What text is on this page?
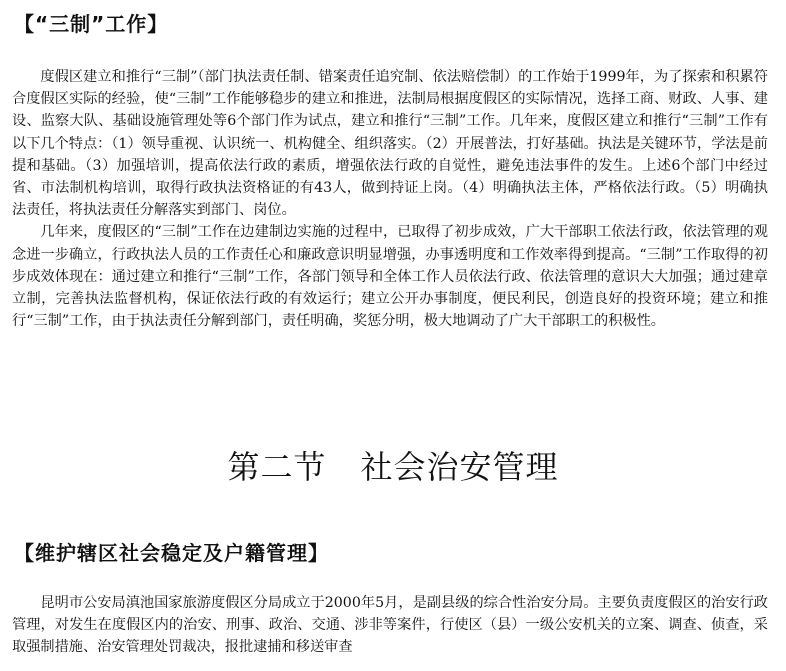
【“三制”工作】

度假区建立和推行“三制”（部门执法责任制、错案责任追究制、依法赔偿制）的工作始于1999年，为了探索和积累符合度假区实际的经验，使“三制”工作能够稳步的建立和推进，法制局根据度假区的实际情况，选择工商、财政、人事、建设、监察大队、基础设施管理处等6个部门作为试点，建立和推行“三制”工作。几年来，度假区建立和推行“三制”工作有以下几个特点：（1）领导重视、认识统一、机构健全、组织落实。（2）开展普法，打好基础。执法是关键环节，学法是前提和基础。（3）加强培训，提高依法行政的素质，增强依法行政的自觉性，避免违法事件的发生。上述6个部门中经过省、市法制机构培训，取得行政执法资格证的有43人，做到持证上岗。（4）明确执法主体，严格依法行政。（5）明确执法责任，将执法责任分解落实到部门、岗位。

几年来，度假区的“三制”工作在边建制边实施的过程中，已取得了初步成效，广大干部职工依法行政，依法管理的观念进一步确立，行政执法人员的工作责任心和廉政意识明显增强，办事透明度和工作效率得到提高。“三制”工作取得的初步成效体现在：通过建立和推行“三制”工作，各部门领导和全体工作人员依法行政、依法管理的意识大大加强；通过建章立制，完善执法监督机构，保证依法行政的有效运行；建立公开办事制度，便民利民，创造良好的投资环境；建立和推行“三制”工作，由于执法责任分解到部门，责任明确，奖惩分明，极大地调动了广大干部职工的积极性。

第二节 社会治安管理
【维护辖区社会稳定及户籍管理】

昆明市公安局滇池国家旅游度假区分局成立于2000年5月，是副县级的综合性治安分局。主要负责度假区的治安行政管理，对发生在度假区内的治安、刑事、政治、交通、涉非等案件，行使区（县）一级公安机关的立案、调查、侦查，采取强制措施、治安管理处罚裁决，报批逮捕和移送审查
